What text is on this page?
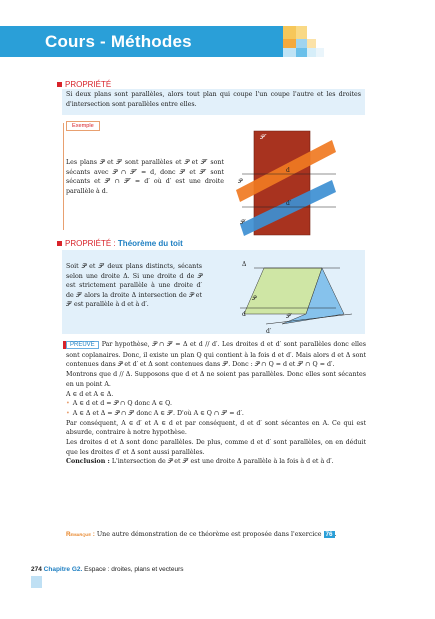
Cours - Méthodes
PROPRIÉTÉ
Si deux plans sont parallèles, alors tout plan qui coupe l'un coupe l'autre et les droites d'intersection sont parallèles entre elles.
Exemple
Les plans 𝒫 et 𝒫′ sont parallèles et 𝒫 et 𝒫″ sont sécants avec 𝒫 ∩ 𝒫″ = d, donc 𝒫′ et 𝒫″ sont sécants et 𝒫′ ∩ 𝒫″ = d′ où d′ est une droite parallèle à d.
𝒫″
𝒫
d
d′
𝒫′
PROPRIÉTÉ : Théorème du toit
Soit 𝒫 et 𝒫′ deux plans distincts, sécants selon une droite Δ. Si une droite d de 𝒫 est strictement parallèle à une droite d′ de 𝒫′ alors la droite Δ intersection de 𝒫 et 𝒫′ est parallèle à d et à d′.
Δ
𝒫
𝒫′
d
d′
PREUVE Par hypothèse, 𝒫 ∩ 𝒫′ = Δ et d // d′. Les droites d et d′ sont parallèles donc elles sont coplanaires. Donc, il existe un plan Q qui contient à la fois d et d′. Mais alors d et Δ sont contenues dans 𝒫 et d′ et Δ sont contenues dans 𝒫′. Donc : 𝒫 ∩ Q = d et 𝒫′ ∩ Q = d′.
Montrons que d // Δ. Supposons que d et Δ ne soient pas parallèles. Donc elles sont sécantes en un point A.
A ∈ d et A ∈ Δ.
• A ∈ d et d = 𝒫 ∩ Q donc A ∈ Q.
• A ∈ Δ et Δ = 𝒫 ∩ 𝒫′ donc A ∈ 𝒫′. D'où A ∈ Q ∩ 𝒫′ = d′.
Par conséquent, A ∈ d′ et A ∈ d et par conséquent, d et d′ sont sécantes en A. Ce qui est absurde, contraire à notre hypothèse.
Les droites d et Δ sont donc parallèles. De plus, comme d et d′ sont parallèles, on en déduit que les droites d′ et Δ sont aussi parallèles.
Conclusion : L'intersection de 𝒫 et 𝒫′ est une droite Δ parallèle à la fois à d et à d′.
Remarque : Une autre démonstration de ce théorème est proposée dans l'exercice 76 .
274 Chapitre G2. Espace : droites, plans et vecteurs
